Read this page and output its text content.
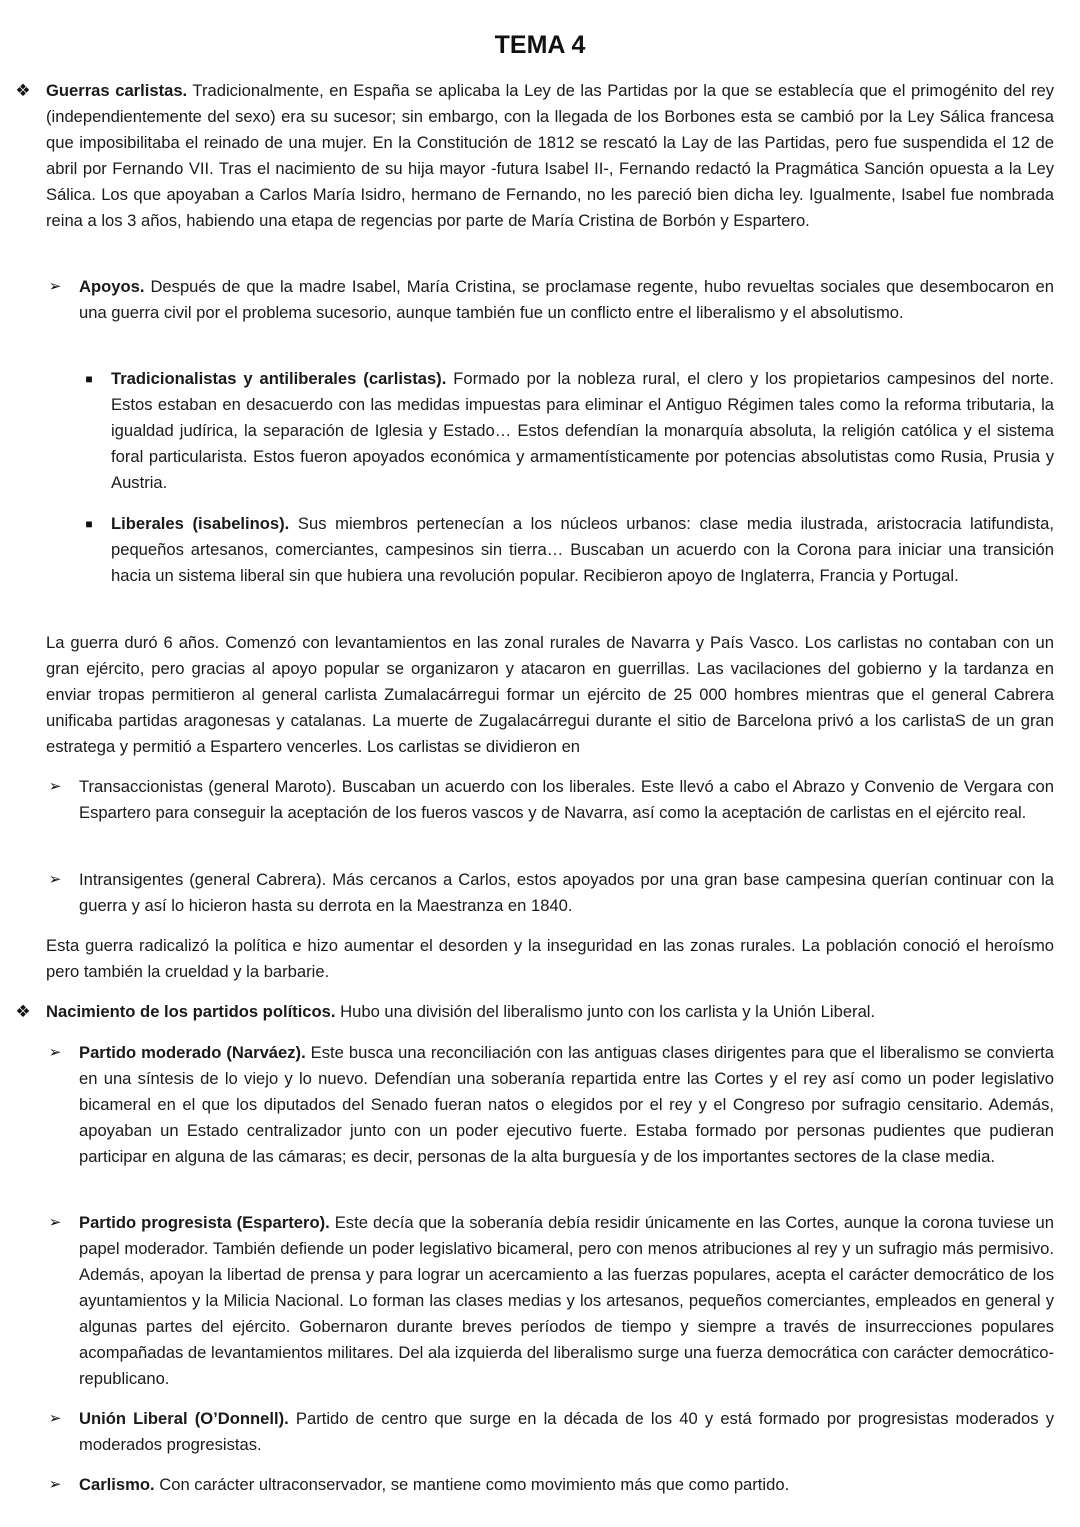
TEMA 4
❖ Guerras carlistas. Tradicionalmente, en España se aplicaba la Ley de las Partidas por la que se establecía que el primogénito del rey (independientemente del sexo) era su sucesor; sin embargo, con la llegada de los Borbones esta se cambió por la Ley Sálica francesa que imposibilitaba el reinado de una mujer. En la Constitución de 1812 se rescató la Lay de las Partidas, pero fue suspendida el 12 de abril por Fernando VII. Tras el nacimiento de su hija mayor -futura Isabel II-, Fernando redactó la Pragmática Sanción opuesta a la Ley Sálica. Los que apoyaban a Carlos María Isidro, hermano de Fernando, no les pareció bien dicha ley. Igualmente, Isabel fue nombrada reina a los 3 años, habiendo una etapa de regencias por parte de María Cristina de Borbón y Espartero.

➢ Apoyos. Después de que la madre Isabel, María Cristina, se proclamase regente, hubo revueltas sociales que desembocaron en una guerra civil por el problema sucesorio, aunque también fue un conflicto entre el liberalismo y el absolutismo.

■	Tradicionalistas y antiliberales (carlistas). Formado por la nobleza rural, el clero y los propietarios campesinos del norte. Estos estaban en desacuerdo con las medidas impuestas para eliminar el Antiguo Régimen tales como la reforma tributaria, la igualdad judírica, la separación de Iglesia y Estado… Estos defendían la monarquía absoluta, la religión católica y el sistema foral particularista. Estos fueron apoyados económica y armamentísticamente por potencias absolutistas como Rusia, Prusia y Austria.

■	Liberales (isabelinos). Sus miembros pertenecían a los núcleos urbanos: clase media ilustrada, aristocracia latifundista, pequeños artesanos, comerciantes, campesinos sin tierra… Buscaban un acuerdo con la Corona para iniciar una transición hacia un sistema liberal sin que hubiera una revolución popular. Recibieron apoyo de Inglaterra, Francia y Portugal.

La guerra duró 6 años. Comenzó con levantamientos en las zonal rurales de Navarra y País Vasco. Los carlistas no contaban con un gran ejército, pero gracias al apoyo popular se organizaron y atacaron en guerrillas. Las vacilaciones del gobierno y la tardanza en enviar tropas permitieron al general carlista Zumalacárregui formar un ejército de 25 000 hombres mientras que el general Cabrera unificaba partidas aragonesas y catalanas. La muerte de Zugalacárregui durante el sitio de Barcelona privó a los carlistaS de un gran estratega y permitió a Espartero vencerles. Los carlistas se dividieron en

➢ Transaccionistas (general Maroto). Buscaban un acuerdo con los liberales. Este llevó a cabo el Abrazo y Convenio de Vergara con Espartero para conseguir la aceptación de los fueros vascos y de Navarra, así como la aceptación de carlistas en el ejército real.

➢ Intransigentes (general Cabrera). Más cercanos a Carlos, estos apoyados por una gran base campesina querían continuar con la guerra y así lo hicieron hasta su derrota en la Maestranza en 1840.

Esta guerra radicalizó la política e hizo aumentar el desorden y la inseguridad en las zonas rurales. La población conoció el heroísmo pero también la crueldad y la barbarie.

❖ Nacimiento de los partidos políticos. Hubo una división del liberalismo junto con los carlista y la Unión Liberal.

➢ Partido moderado (Narváez). Este busca una reconciliación con las antiguas clases dirigentes para que el liberalismo se convierta en una síntesis de lo viejo y lo nuevo. Defendían una soberanía repartida entre las Cortes y el rey así como un poder legislativo bicameral en el que los diputados del Senado fueran natos o elegidos por el rey y el Congreso por sufragio censitario. Además, apoyaban un Estado centralizador junto con un poder ejecutivo fuerte. Estaba formado por personas pudientes que pudieran participar en alguna de las cámaras; es decir, personas de la alta burguesía y de los importantes sectores de la clase media.

➢ Partido progresista (Espartero). Este decía que la soberanía debía residir únicamente en las Cortes, aunque la corona tuviese un papel moderador. También defiende un poder legislativo bicameral, pero con menos atribuciones al rey y un sufragio más permisivo. Además, apoyan la libertad de prensa y para lograr un acercamiento a las fuerzas populares, acepta el carácter democrático de los ayuntamientos y la Milicia Nacional. Lo forman las clases medias y los artesanos, pequeños comerciantes, empleados en general y algunas partes del ejército. Gobernaron durante breves períodos de tiempo y siempre a través de insurrecciones populares acompañadas de levantamientos militares. Del ala izquierda del liberalismo surge una fuerza democrática con carácter democrático-republicano.

➢ Unión Liberal (O’Donnell). Partido de centro que surge en la década de los 40 y está formado por progresistas moderados y moderados progresistas.

➢ Carlismo. Con carácter ultraconservador, se mantiene como movimiento más que como partido.
